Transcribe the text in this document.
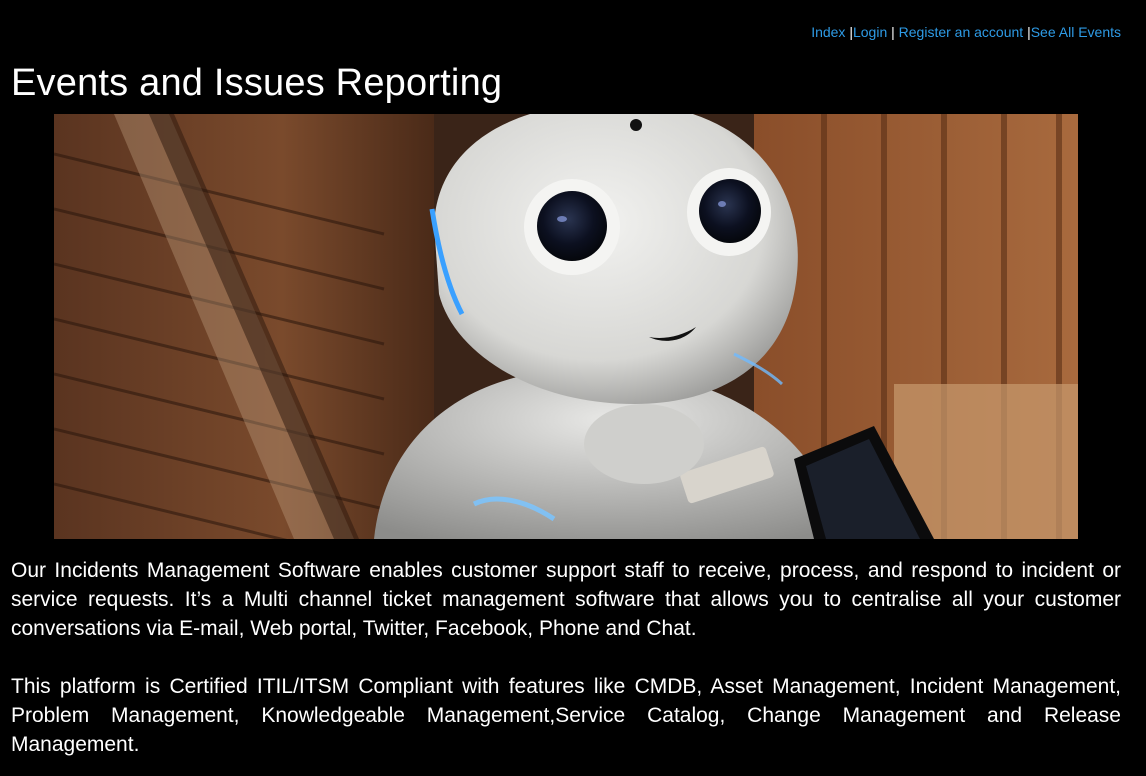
Index |Login | Register an account |See All Events
Events and Issues Reporting

Our Incidents Management Software enables customer support staff to receive, process, and respond to incident or service requests. It’s a Multi channel ticket management software that allows you to centralise all your customer conversations via E-mail, Web portal, Twitter, Facebook, Phone and Chat.

This platform is Certified ITIL/ITSM Compliant with features like CMDB, Asset Management, Incident Management, Problem Management, Knowledgeable Management,Service Catalog, Change Management and Release Management.
